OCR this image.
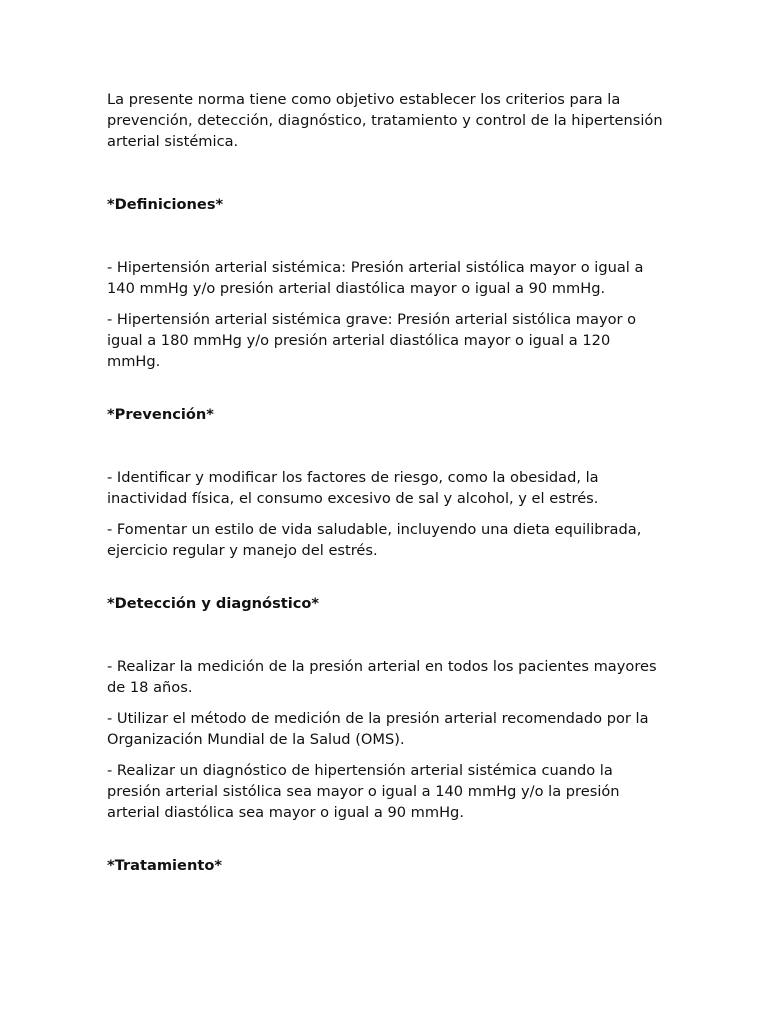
La presente norma tiene como objetivo establecer los criterios para la prevención, detección, diagnóstico, tratamiento y control de la hipertensión arterial sistémica.

*Definiciones*

- Hipertensión arterial sistémica: Presión arterial sistólica mayor o igual a 140 mmHg y/o presión arterial diastólica mayor o igual a 90 mmHg.

- Hipertensión arterial sistémica grave: Presión arterial sistólica mayor o igual a 180 mmHg y/o presión arterial diastólica mayor o igual a 120 mmHg.

*Prevención*

- Identificar y modificar los factores de riesgo, como la obesidad, la inactividad física, el consumo excesivo de sal y alcohol, y el estrés.

- Fomentar un estilo de vida saludable, incluyendo una dieta equilibrada, ejercicio regular y manejo del estrés.

*Detección y diagnóstico*

- Realizar la medición de la presión arterial en todos los pacientes mayores de 18 años.

- Utilizar el método de medición de la presión arterial recomendado por la Organización Mundial de la Salud (OMS).

- Realizar un diagnóstico de hipertensión arterial sistémica cuando la presión arterial sistólica sea mayor o igual a 140 mmHg y/o la presión arterial diastólica sea mayor o igual a 90 mmHg.

*Tratamiento*
